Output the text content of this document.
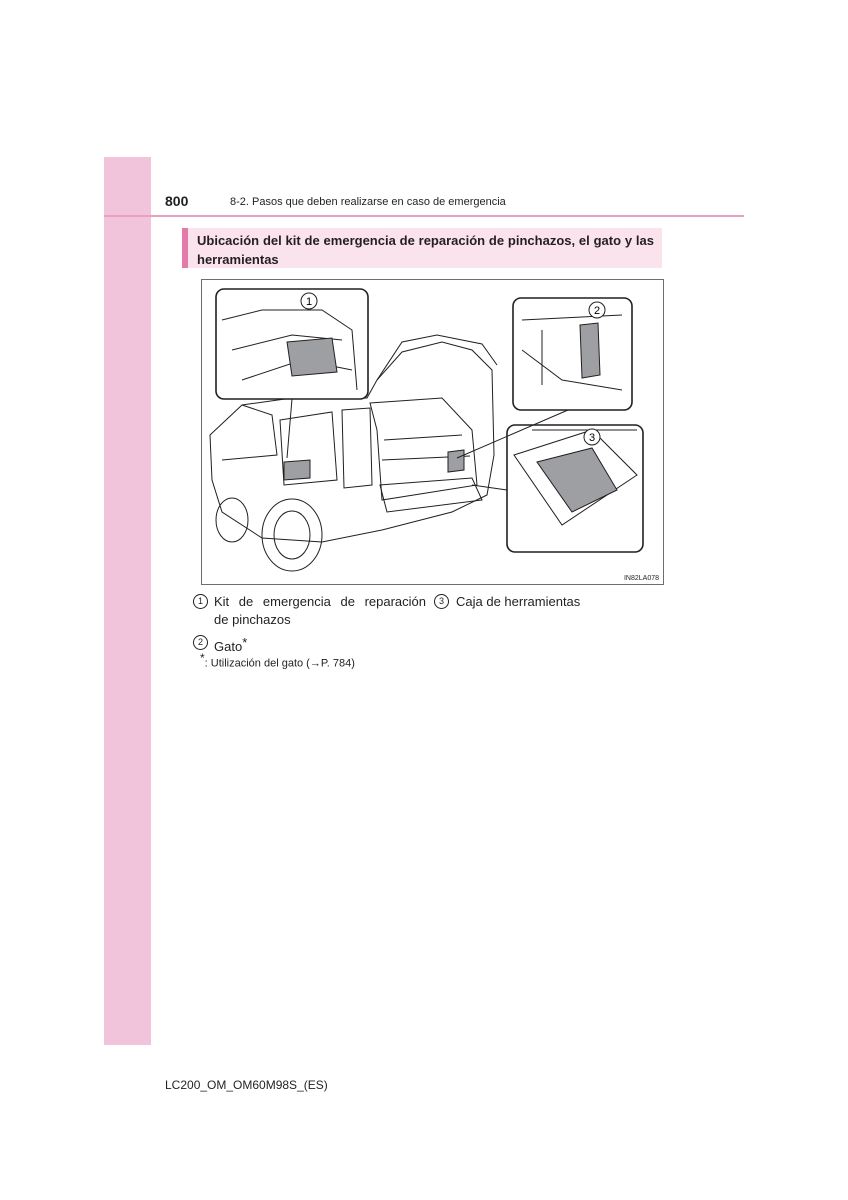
800	8-2. Pasos que deben realizarse en caso de emergencia
Ubicación del kit de emergencia de reparación de pinchazos, el gato y las herramientas
1
2
3
IN82LA078
1 Kit de emergencia de reparación
de pinchazos
3 Caja de herramientas
2 Gato*
*: Utilización del gato (→P. 784)
LC200_OM_OM60M98S_(ES)
